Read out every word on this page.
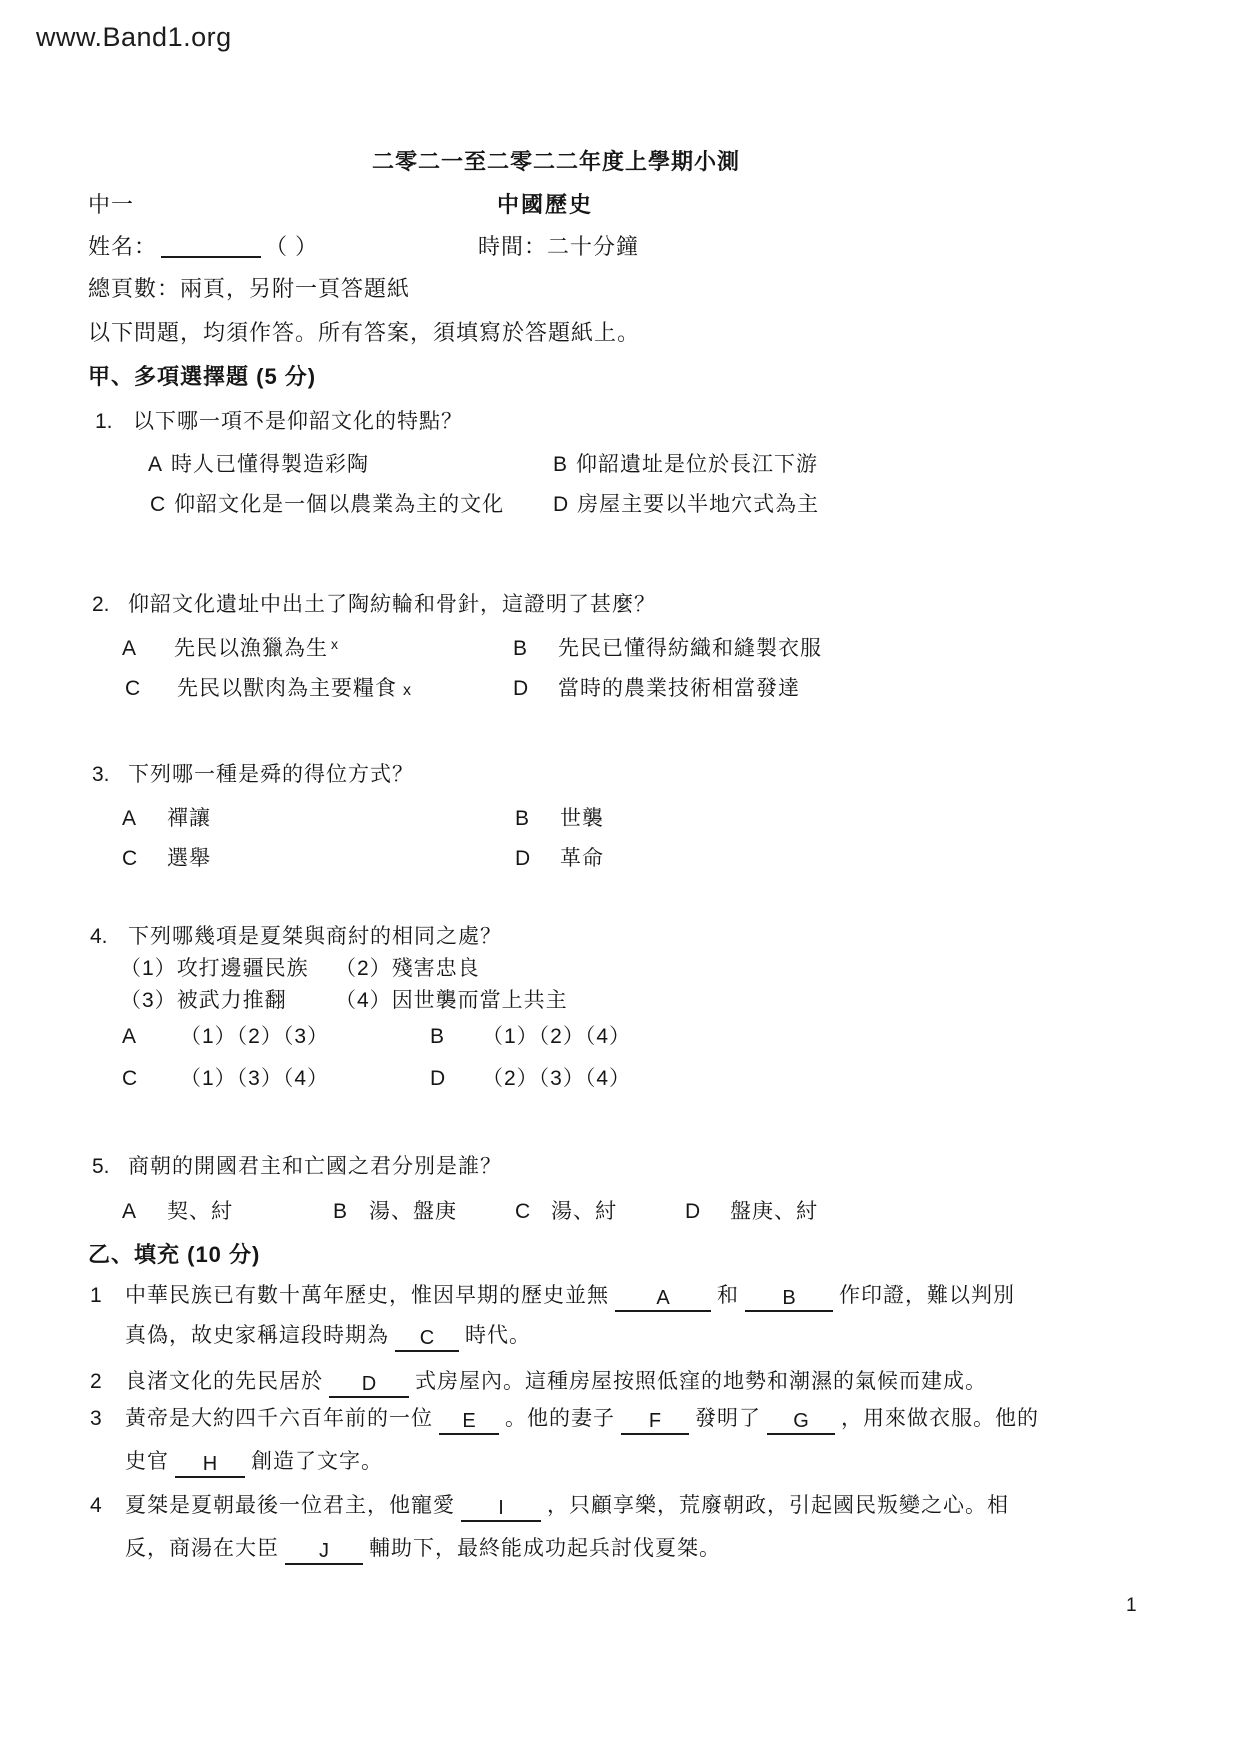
www.Band1.org
二零二一至二零二二年度上學期小測
中一	中國歷史
姓名：	（ ）	時間：二十分鐘
總頁數：兩頁，另附一頁答題紙
以下問題，均須作答。所有答案，須填寫於答題紙上。
甲、多項選擇題 (5 分)
1. 以下哪一項不是仰韶文化的特點？
A 時人已懂得製造彩陶	B 仰韶遺址是位於長江下游
C 仰韶文化是一個以農業為主的文化 D 房屋主要以半地穴式為主
2. 仰韶文化遺址中出土了陶紡輪和骨針，這證明了甚麼？
A 先民以漁獵為生 x	B 先民已懂得紡織和縫製衣服
C 先民以獸肉為主要糧食 x	D 當時的農業技術相當發達
3. 下列哪一種是舜的得位方式？
A 禪讓	B 世襲
C 選舉	D 革命
4. 下列哪幾項是夏桀與商紂的相同之處？
（1）攻打邊疆民族 （2）殘害忠良
（3）被武力推翻 （4）因世襲而當上共主
A （1）（2）（3）	B （1）（2）（4）
C （1）（3）（4）	D （2）（3）（4）
5. 商朝的開國君主和亡國之君分別是誰？
A 契、紂	B 湯、盤庚	C 湯、紂	D 盤庚、紂
乙、填充 (10 分)
1 中華民族已有數十萬年歷史，惟因早期的歷史並無 A 和 B 作印證，難以判別
真偽，故史家稱這段時期為 C 時代。
2 良渚文化的先民居於 D 式房屋內。這種房屋按照低窪的地勢和潮濕的氣候而建成。
3 黃帝是大約四千六百年前的一位 E 。他的妻子 F 發明了 G ，用來做衣服。他的
史官 H 創造了文字。
4 夏桀是夏朝最後一位君主，他寵愛 I ，只顧享樂，荒廢朝政，引起國民叛變之心。相
反，商湯在大臣 J 輔助下，最終能成功起兵討伐夏桀。
1
